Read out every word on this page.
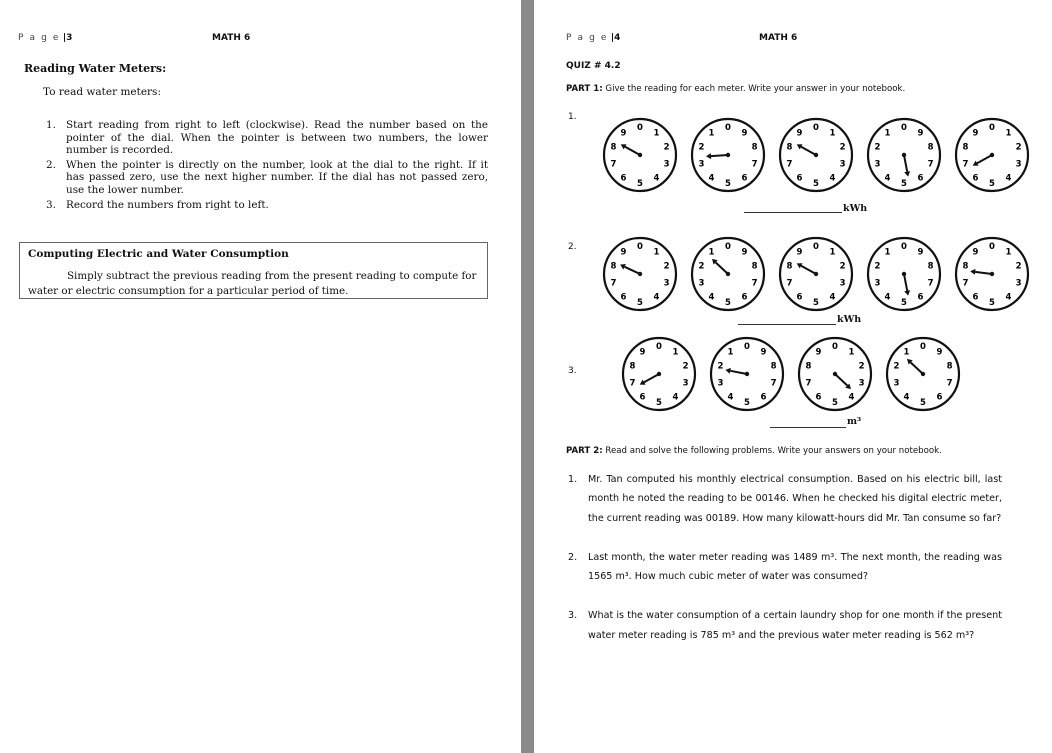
P a g e |3	MATH 6
Reading Water Meters:
To read water meters:
1. Start reading from right to left (clockwise). Read the number based on the pointer of the dial. When the pointer is between two numbers, the lower number is recorded.
2. When the pointer is directly on the number, look at the dial to the right. If it has passed zero, use the next higher number. If the dial has not passed zero, use the lower number.
3. Record the numbers from right to left.
Computing Electric and Water Consumption
Simply subtract the previous reading from the present reading to compute for water or electric consumption for a particular period of time.
P a g e |4	MATH 6
QUIZ # 4.2
PART 1: Give the reading for each meter. Write your answer in your notebook.
1.
0
1
2
3
4
5
6
7
8
9
0
1
2
3
4
5
6
7
8
9
0
1
2
3
4
5
6
7
8
9
0
1
2
3
4
5
6
7
8
9
0
1
2
3
4
5
6
7
8
9
kWh
2.	0
1
2
3
4
5
6
7
8
9
0
1
2
3
4
5
6
7
8
9
0
1
2
3
4
5
6
7
8
9
0
1
2
3
4
5
6
7
8
9
0
1
2
3
4
5
6
7
8
9
kWh
3.
0
1
2
3
4
5
6
7
8
9
0
1
2
3
4
5
6
7
8
9
0
1
2
3
4
5
6
7
8
9
0
1
2
3
4
5
6
7
8
9
m³
PART 2: Read and solve the following problems. Write your answers on your notebook.
1. Mr. Tan computed his monthly electrical consumption. Based on his electric bill, last month he noted the reading to be 00146. When he checked his digital electric meter, the current reading was 00189. How many kilowatt-hours did Mr. Tan consume so far?
2. Last month, the water meter reading was 1489 m³. The next month, the reading was 1565 m³. How much cubic meter of water was consumed?
3. What is the water consumption of a certain laundry shop for one month if the present water meter reading is 785 m³ and the previous water meter reading is 562 m³?
